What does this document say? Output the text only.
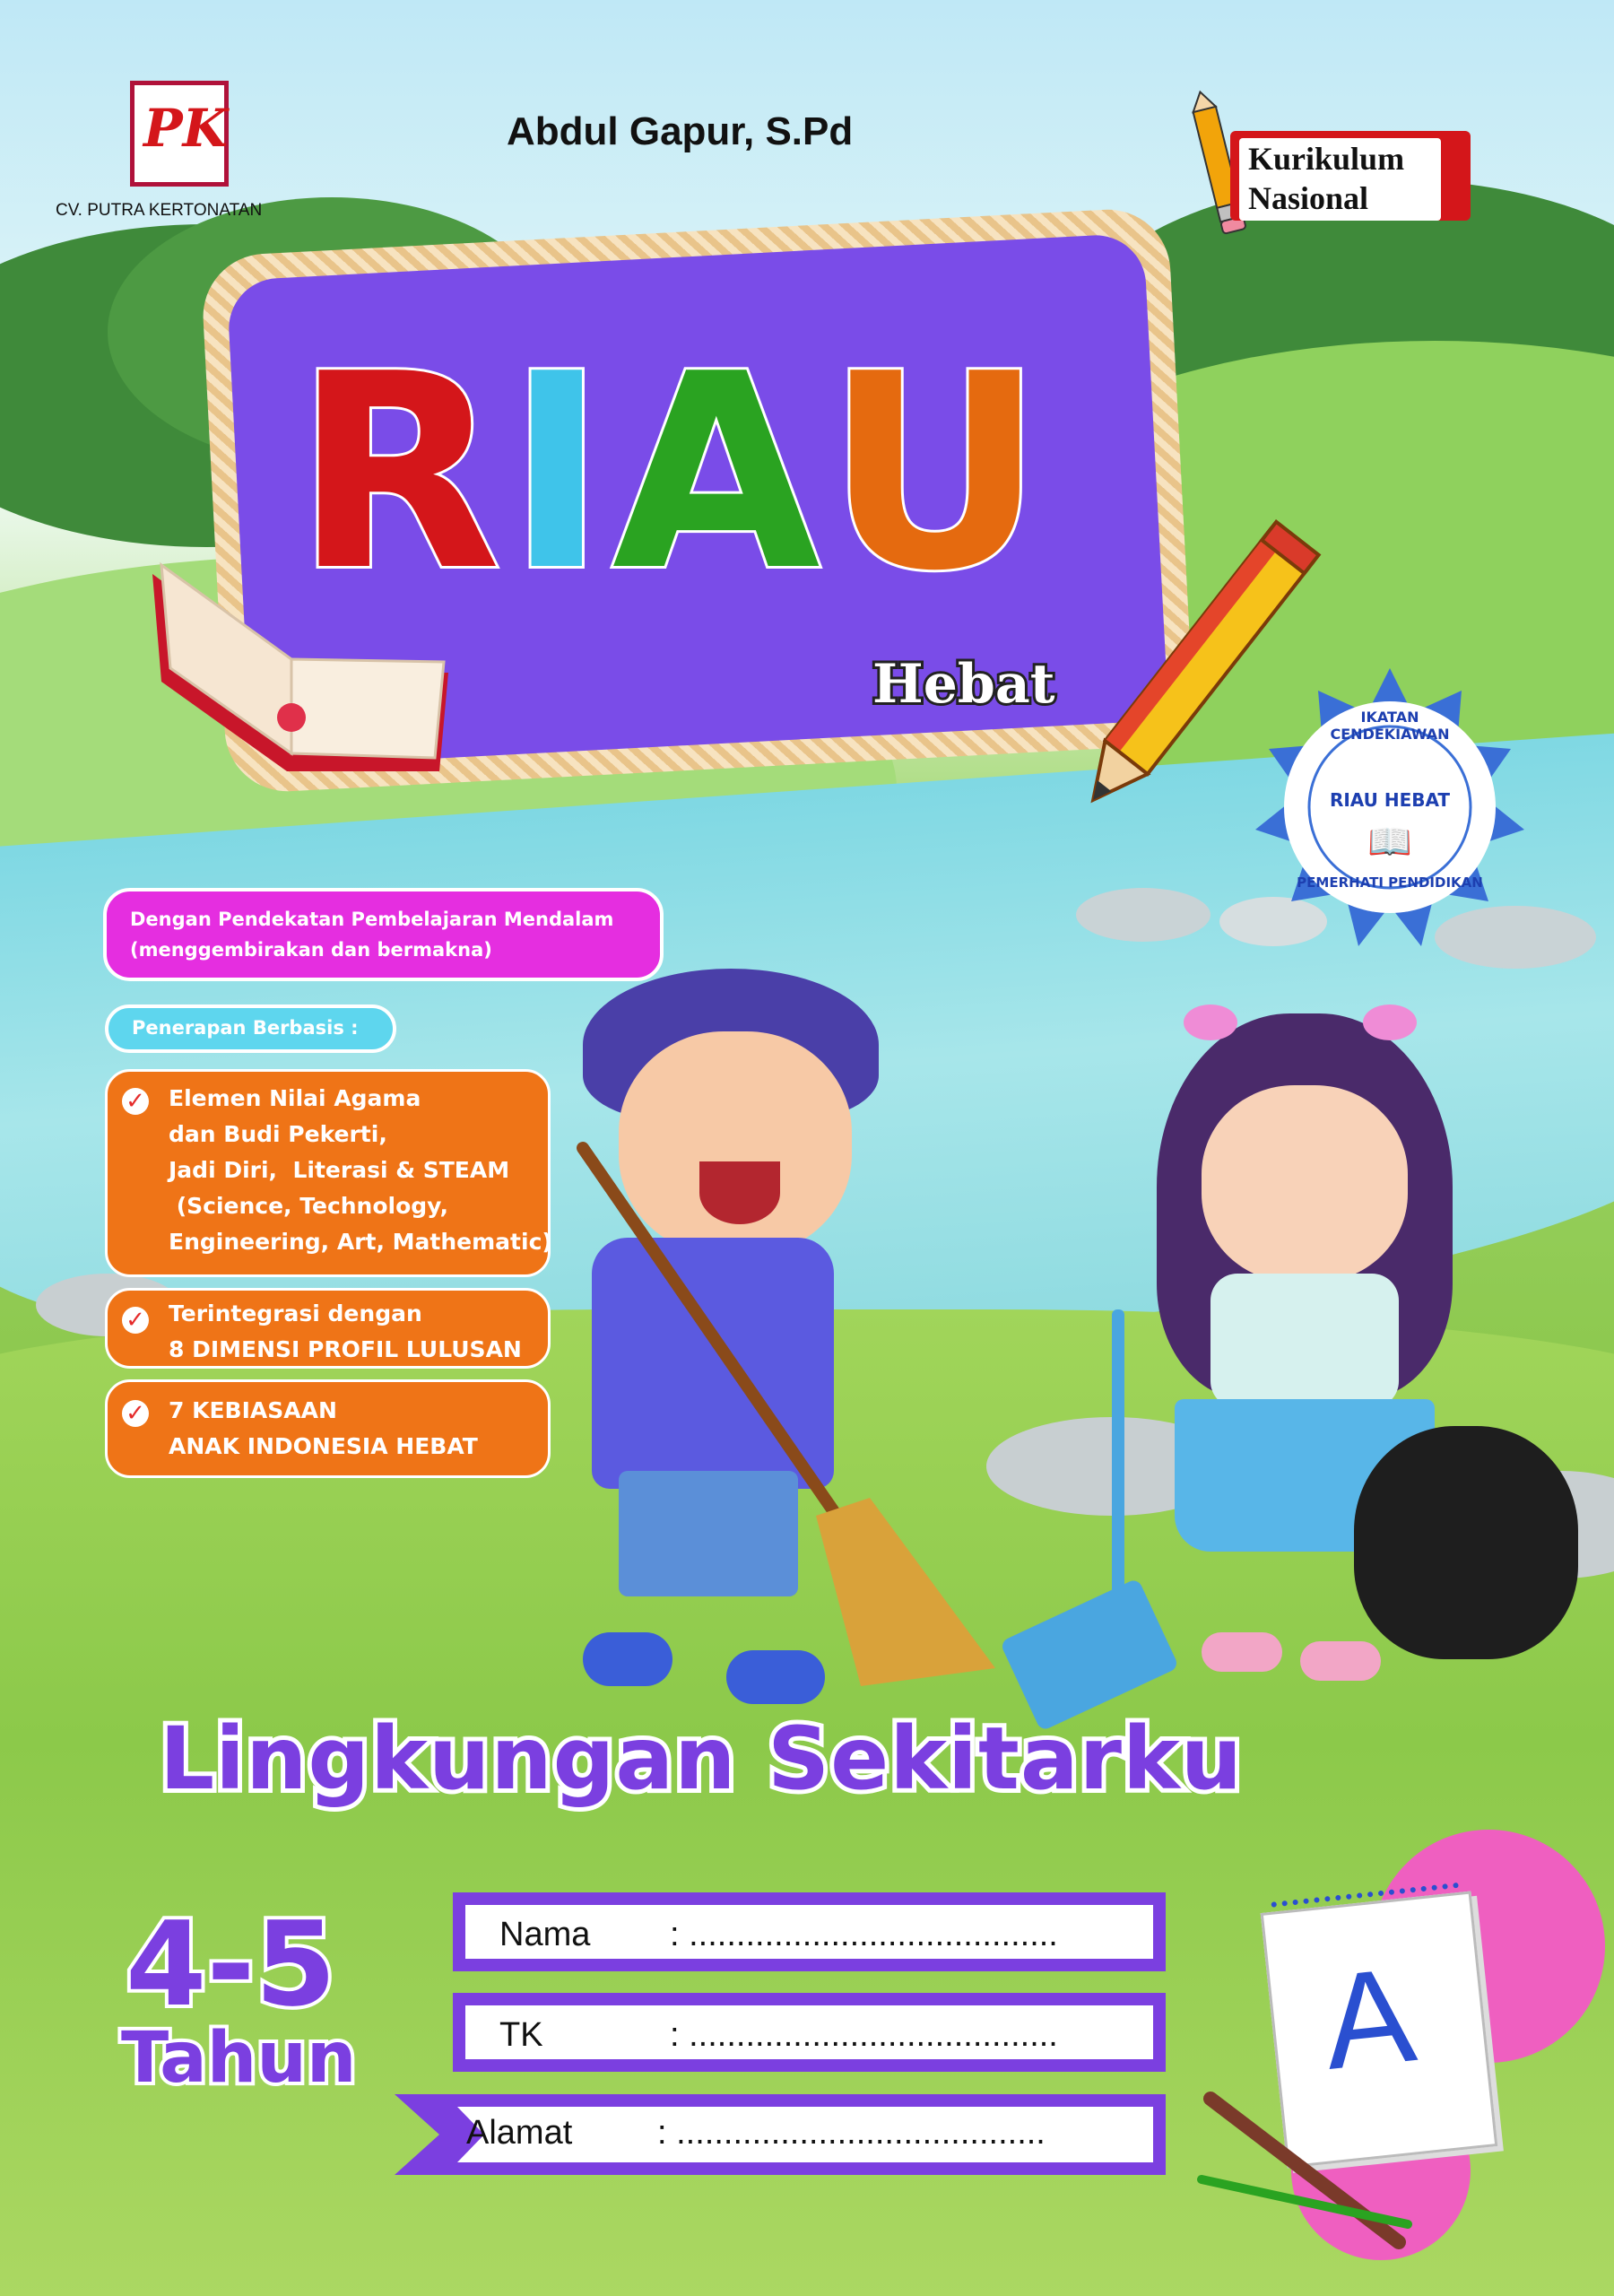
PK
CV. PUTRA KERTONATAN
Abdul Gapur, S.Pd
Kurikulum
Nasional
R I A U
Hebat
IKATAN CENDEKIAWAN
RIAU HEBAT
📖
PEMERHATI PENDIDIKAN
Dengan Pendekatan Pembelajaran Mendalam
(menggembirakan dan bermakna)
Penerapan Berbasis :
✓ Elemen Nilai Agama
dan Budi Pekerti,
Jadi Diri,  Literasi & STEAM
(Science, Technology,
Engineering, Art, Mathematic)
✓ Terintegrasi dengan
8 DIMENSI PROFIL LULUSAN
✓ 7 KEBIASAAN
ANAK INDONESIA HEBAT
Lingkungan Sekitarku
4-5
Tahun
Nama : .......................................
TK	: .......................................
Alamat : .......................................
A
